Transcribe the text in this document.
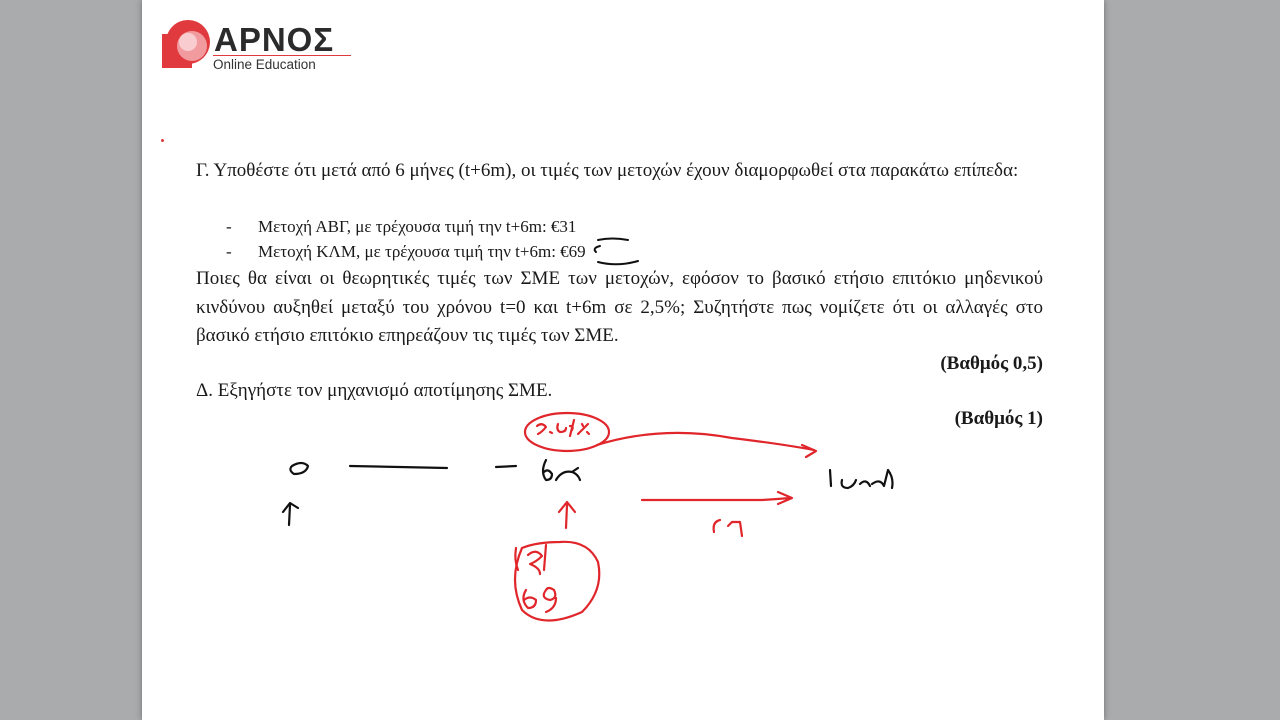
ΑΡΝΟΣ
Online Education

Γ. Υποθέστε ότι μετά από 6 μήνες (t+6m), οι τιμές των μετοχών έχουν διαμορφωθεί στα παρακάτω επίπεδα:

- Μετοχή ΑΒΓ, με τρέχουσα τιμή την t+6m: €31
- Μετοχή ΚΛΜ, με τρέχουσα τιμή την t+6m: €69

Ποιες θα είναι οι θεωρητικές τιμές των ΣΜΕ των μετοχών, εφόσον το βασικό ετήσιο επιτόκιο μηδενικού κινδύνου αυξηθεί μεταξύ του χρόνου t=0 και t+6m σε 2,5%; Συζητήστε πως νομίζετε ότι οι αλλαγές στο βασικό ετήσιο επιτόκιο επηρεάζουν τις τιμές των ΣΜΕ.

(Βαθμός 0,5)
Δ. Εξηγήστε τον μηχανισμό αποτίμησης ΣΜΕ.
(Βαθμός 1)
